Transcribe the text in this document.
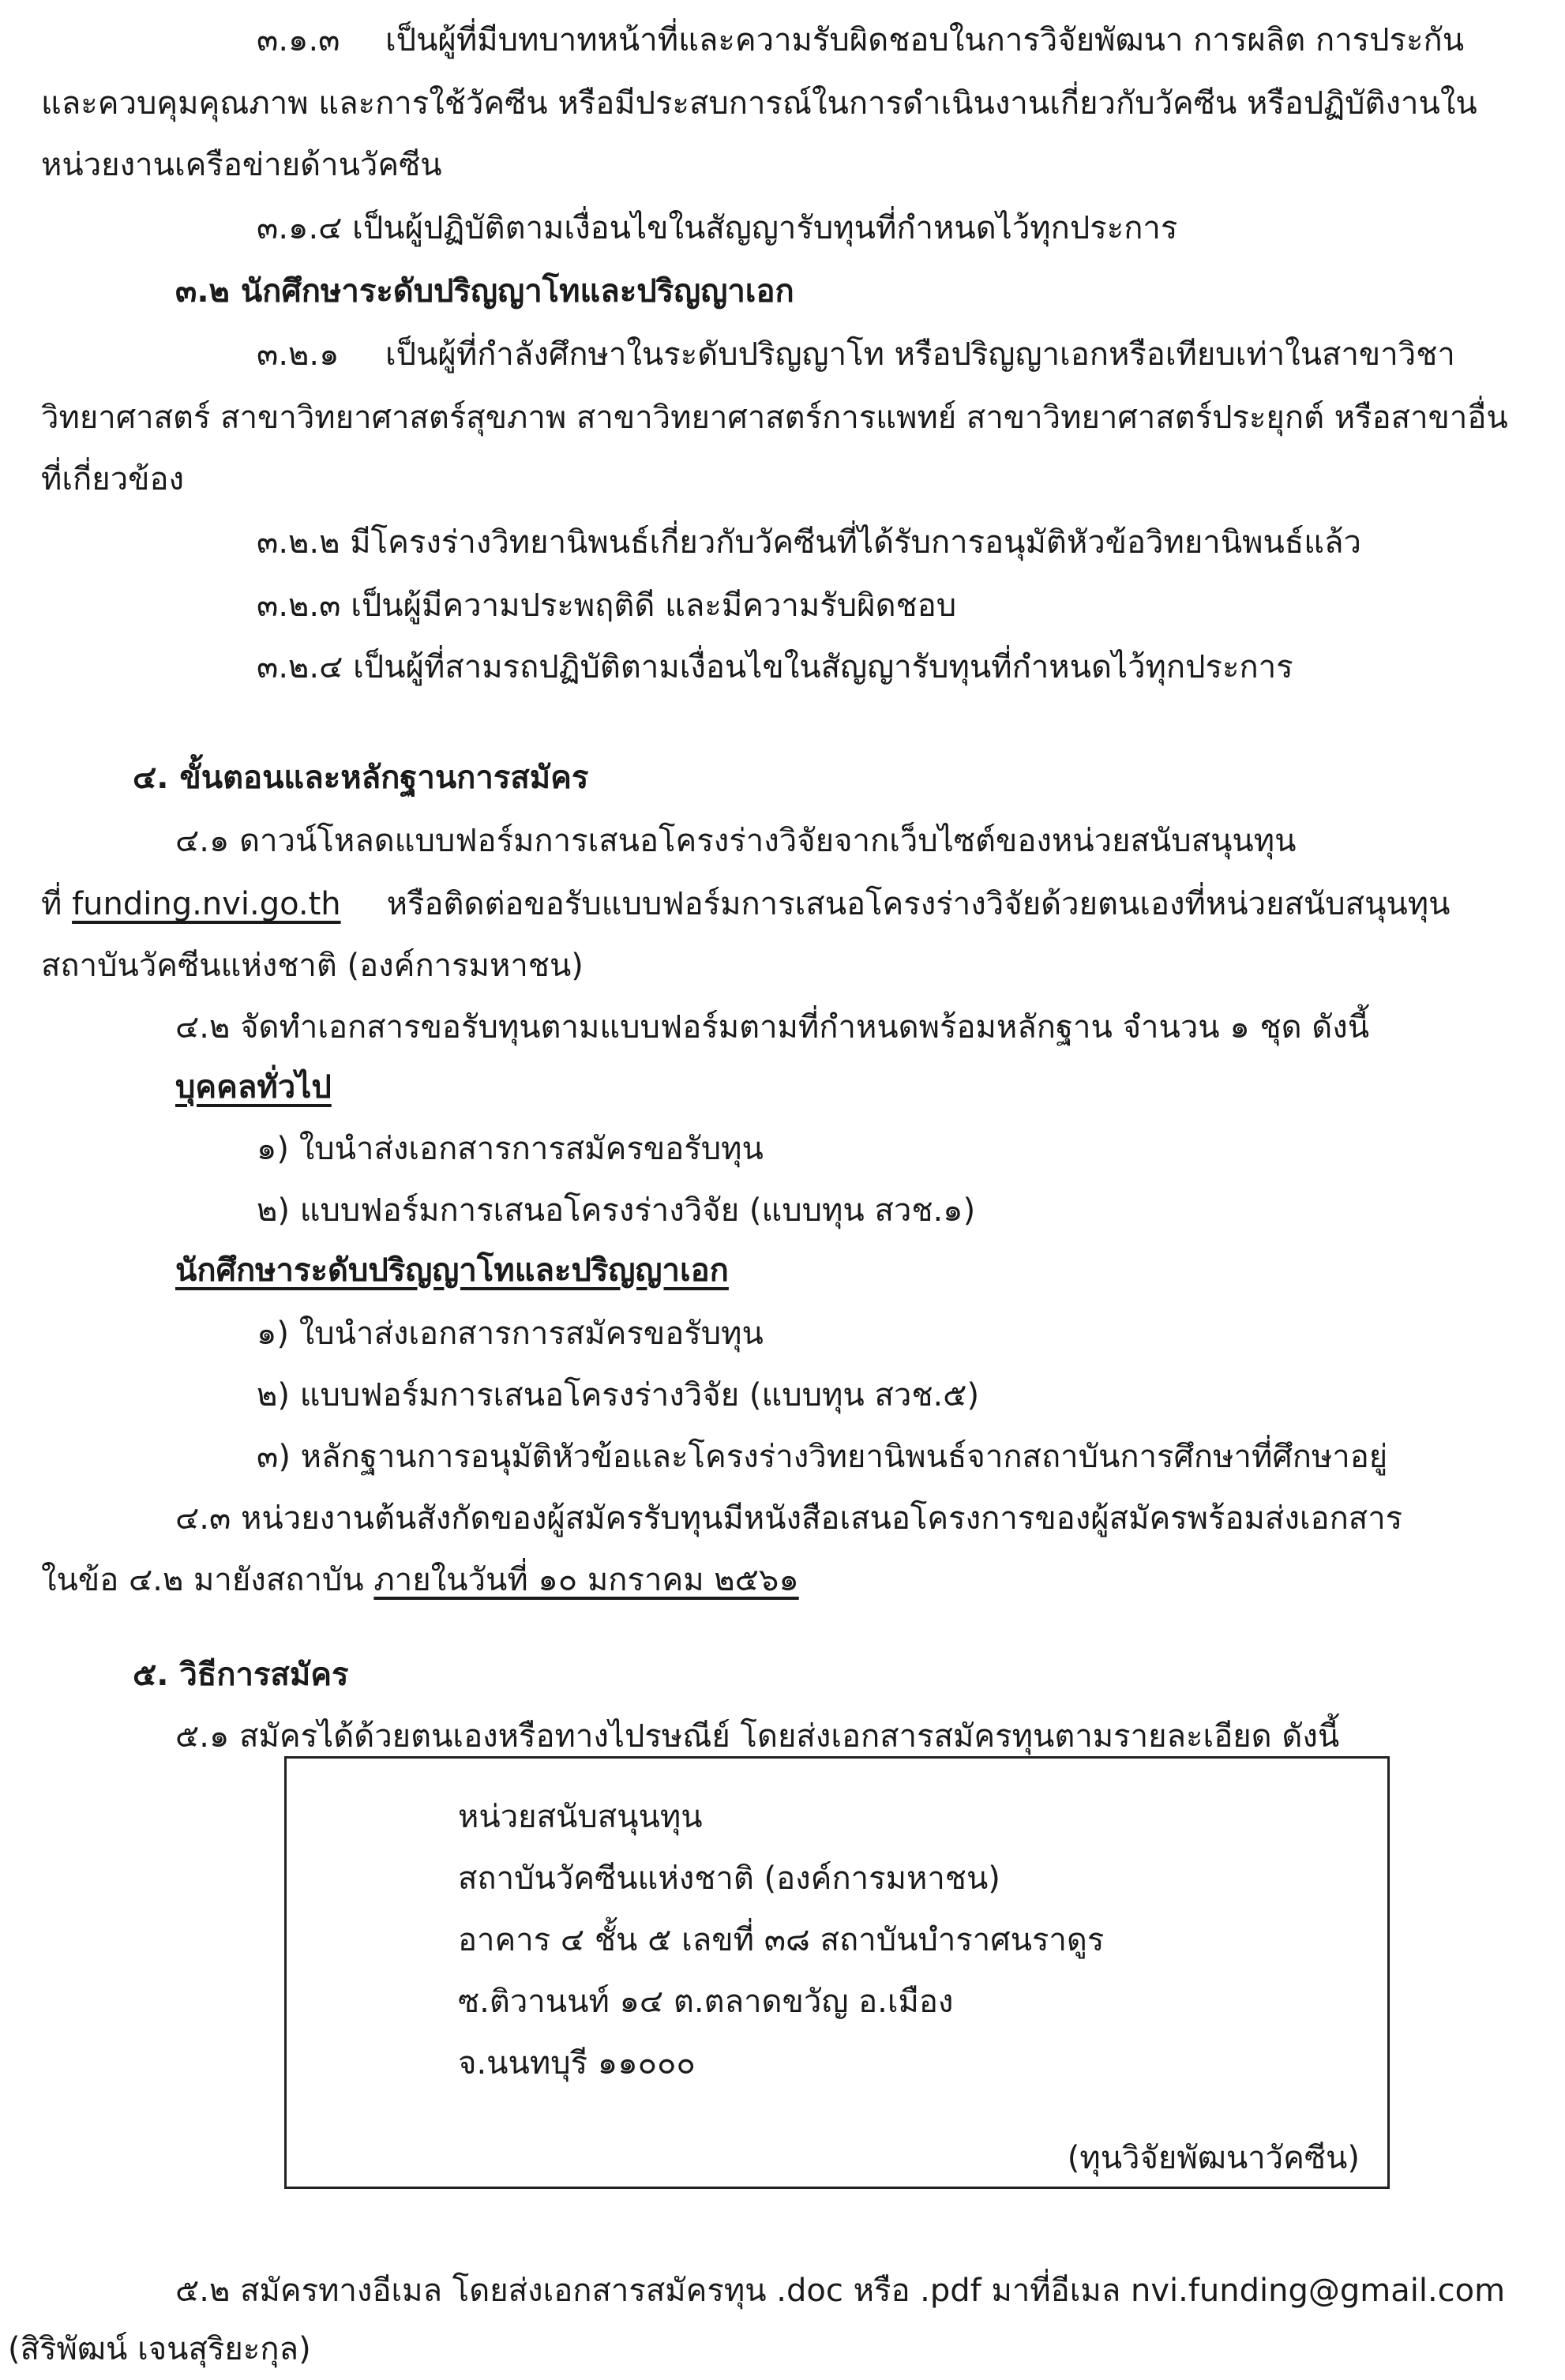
๓.๑.๓ เป็นผู้ที่มีบทบาทหน้าที่และความรับผิดชอบในการวิจัยพัฒนา การผลิต การประกัน

และควบคุมคุณภาพ และการใช้วัคซีน หรือมีประสบการณ์ในการดำเนินงานเกี่ยวกับวัคซีน หรือปฏิบัติงานใน

หน่วยงานเครือข่ายด้านวัคซีน

๓.๑.๔ เป็นผู้ปฏิบัติตามเงื่อนไขในสัญญารับทุนที่กำหนดไว้ทุกประการ

๓.๒ นักศึกษาระดับปริญญาโทและปริญญาเอก

๓.๒.๑ เป็นผู้ที่กำลังศึกษาในระดับปริญญาโท หรือปริญญาเอกหรือเทียบเท่าในสาขาวิชา

วิทยาศาสตร์ สาขาวิทยาศาสตร์สุขภาพ สาขาวิทยาศาสตร์การแพทย์ สาขาวิทยาศาสตร์ประยุกต์ หรือสาขาอื่น

ที่เกี่ยวข้อง

๓.๒.๒ มีโครงร่างวิทยานิพนธ์เกี่ยวกับวัคซีนที่ได้รับการอนุมัติหัวข้อวิทยานิพนธ์แล้ว

๓.๒.๓ เป็นผู้มีความประพฤติดี และมีความรับผิดชอบ

๓.๒.๔ เป็นผู้ที่สามรถปฏิบัติตามเงื่อนไขในสัญญารับทุนที่กำหนดไว้ทุกประการ

๔. ขั้นตอนและหลักฐานการสมัคร

๔.๑ ดาวน์โหลดแบบฟอร์มการเสนอโครงร่างวิจัยจากเว็บไซต์ของหน่วยสนับสนุนทุน

ที่ funding.nvi.go.th หรือติดต่อขอรับแบบฟอร์มการเสนอโครงร่างวิจัยด้วยตนเองที่หน่วยสนับสนุนทุน

สถาบันวัคซีนแห่งชาติ (องค์การมหาชน)

๔.๒ จัดทำเอกสารขอรับทุนตามแบบฟอร์มตามที่กำหนดพร้อมหลักฐาน จำนวน ๑ ชุด ดังนี้

บุคคลทั่วไป

๑) ใบนำส่งเอกสารการสมัครขอรับทุน

๒) แบบฟอร์มการเสนอโครงร่างวิจัย (แบบทุน สวช.๑)

นักศึกษาระดับปริญญาโทและปริญญาเอก

๑) ใบนำส่งเอกสารการสมัครขอรับทุน

๒) แบบฟอร์มการเสนอโครงร่างวิจัย (แบบทุน สวช.๕)

๓) หลักฐานการอนุมัติหัวข้อและโครงร่างวิทยานิพนธ์จากสถาบันการศึกษาที่ศึกษาอยู่

๔.๓ หน่วยงานต้นสังกัดของผู้สมัครรับทุนมีหนังสือเสนอโครงการของผู้สมัครพร้อมส่งเอกสาร

ในข้อ ๔.๒ มายังสถาบัน ภายในวันที่ ๑๐ มกราคม ๒๕๖๑

๕. วิธีการสมัคร

๕.๑ สมัครได้ด้วยตนเองหรือทางไปรษณีย์ โดยส่งเอกสารสมัครทุนตามรายละเอียด ดังนี้

หน่วยสนับสนุนทุน

สถาบันวัคซีนแห่งชาติ (องค์การมหาชน)

อาคาร ๔ ชั้น ๕ เลขที่ ๓๘ สถาบันบำราศนราดูร

ซ.ติวานนท์ ๑๔ ต.ตลาดขวัญ อ.เมือง

จ.นนทบุรี ๑๑๐๐๐

(ทุนวิจัยพัฒนาวัคซีน)

๕.๒ สมัครทางอีเมล โดยส่งเอกสารสมัครทุน .doc หรือ .pdf มาที่อีเมล nvi.funding@gmail.com

(สิริพัฒน์ เจนสุริยะกุล)
